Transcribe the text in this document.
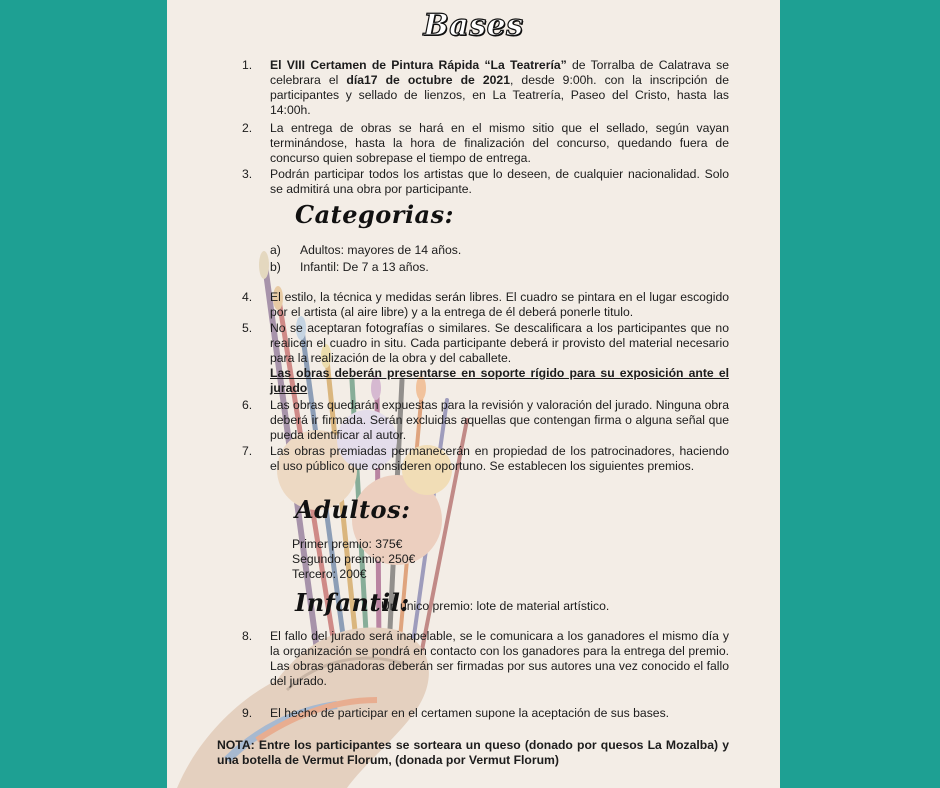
Bases
1. El VIII Certamen de Pintura Rápida “La Teatrería” de Torralba de Calatrava se celebrara el día17 de octubre de 2021, desde 9:00h. con la inscripción de participantes y sellado de lienzos, en La Teatrería, Paseo del Cristo, hasta las 14:00h.
2. La entrega de obras se hará en el mismo sitio que el sellado, según vayan terminándose, hasta la hora de finalización del concurso, quedando fuera de concurso quien sobrepase el tiempo de entrega.
3. Podrán participar todos los artistas que lo deseen, de cualquier nacionalidad. Solo se admitirá una obra por participante.
Categorias:
a) Adultos: mayores de 14 años.
b) Infantil: De 7 a 13 años.
4. El estilo, la técnica y medidas serán libres. El cuadro se pintara en el lugar escogido por el artista (al aire libre) y a la entrega de él deberá ponerle titulo.
5. No se aceptaran fotografías o similares. Se descalificara a los participantes que no realicen el cuadro in situ. Cada participante deberá ir provisto del material necesario para la realización de la obra y del caballete.
Las obras deberán presentarse en soporte rígido para su exposición ante el jurado
6. Las obras quedarán expuestas para la revisión y valoración del jurado. Ninguna obra deberá ir firmada. Serán excluidas aquellas que contengan firma o alguna señal que pueda identificar al autor.
7. Las obras premiadas permanecerán en propiedad de los patrocinadores, haciendo el uso público que consideren oportuno. Se establecen los siguientes premios.
Adultos:
Primer premio: 375€
Segundo premio: 250€
Tercero: 200€
Infantil:
Un único premio: lote de material artístico.
8. El fallo del jurado será inapelable, se le comunicara a los ganadores el mismo día y la organización se pondrá en contacto con los ganadores para la entrega del premio. Las obras ganadoras deberán ser firmadas por sus autores una vez conocido el fallo del jurado.
9. El hecho de participar en el certamen supone la aceptación de sus bases.
NOTA: Entre los participantes se sorteara un queso (donado por quesos La Mozalba) y una botella de Vermut Florum, (donada por Vermut Florum)
